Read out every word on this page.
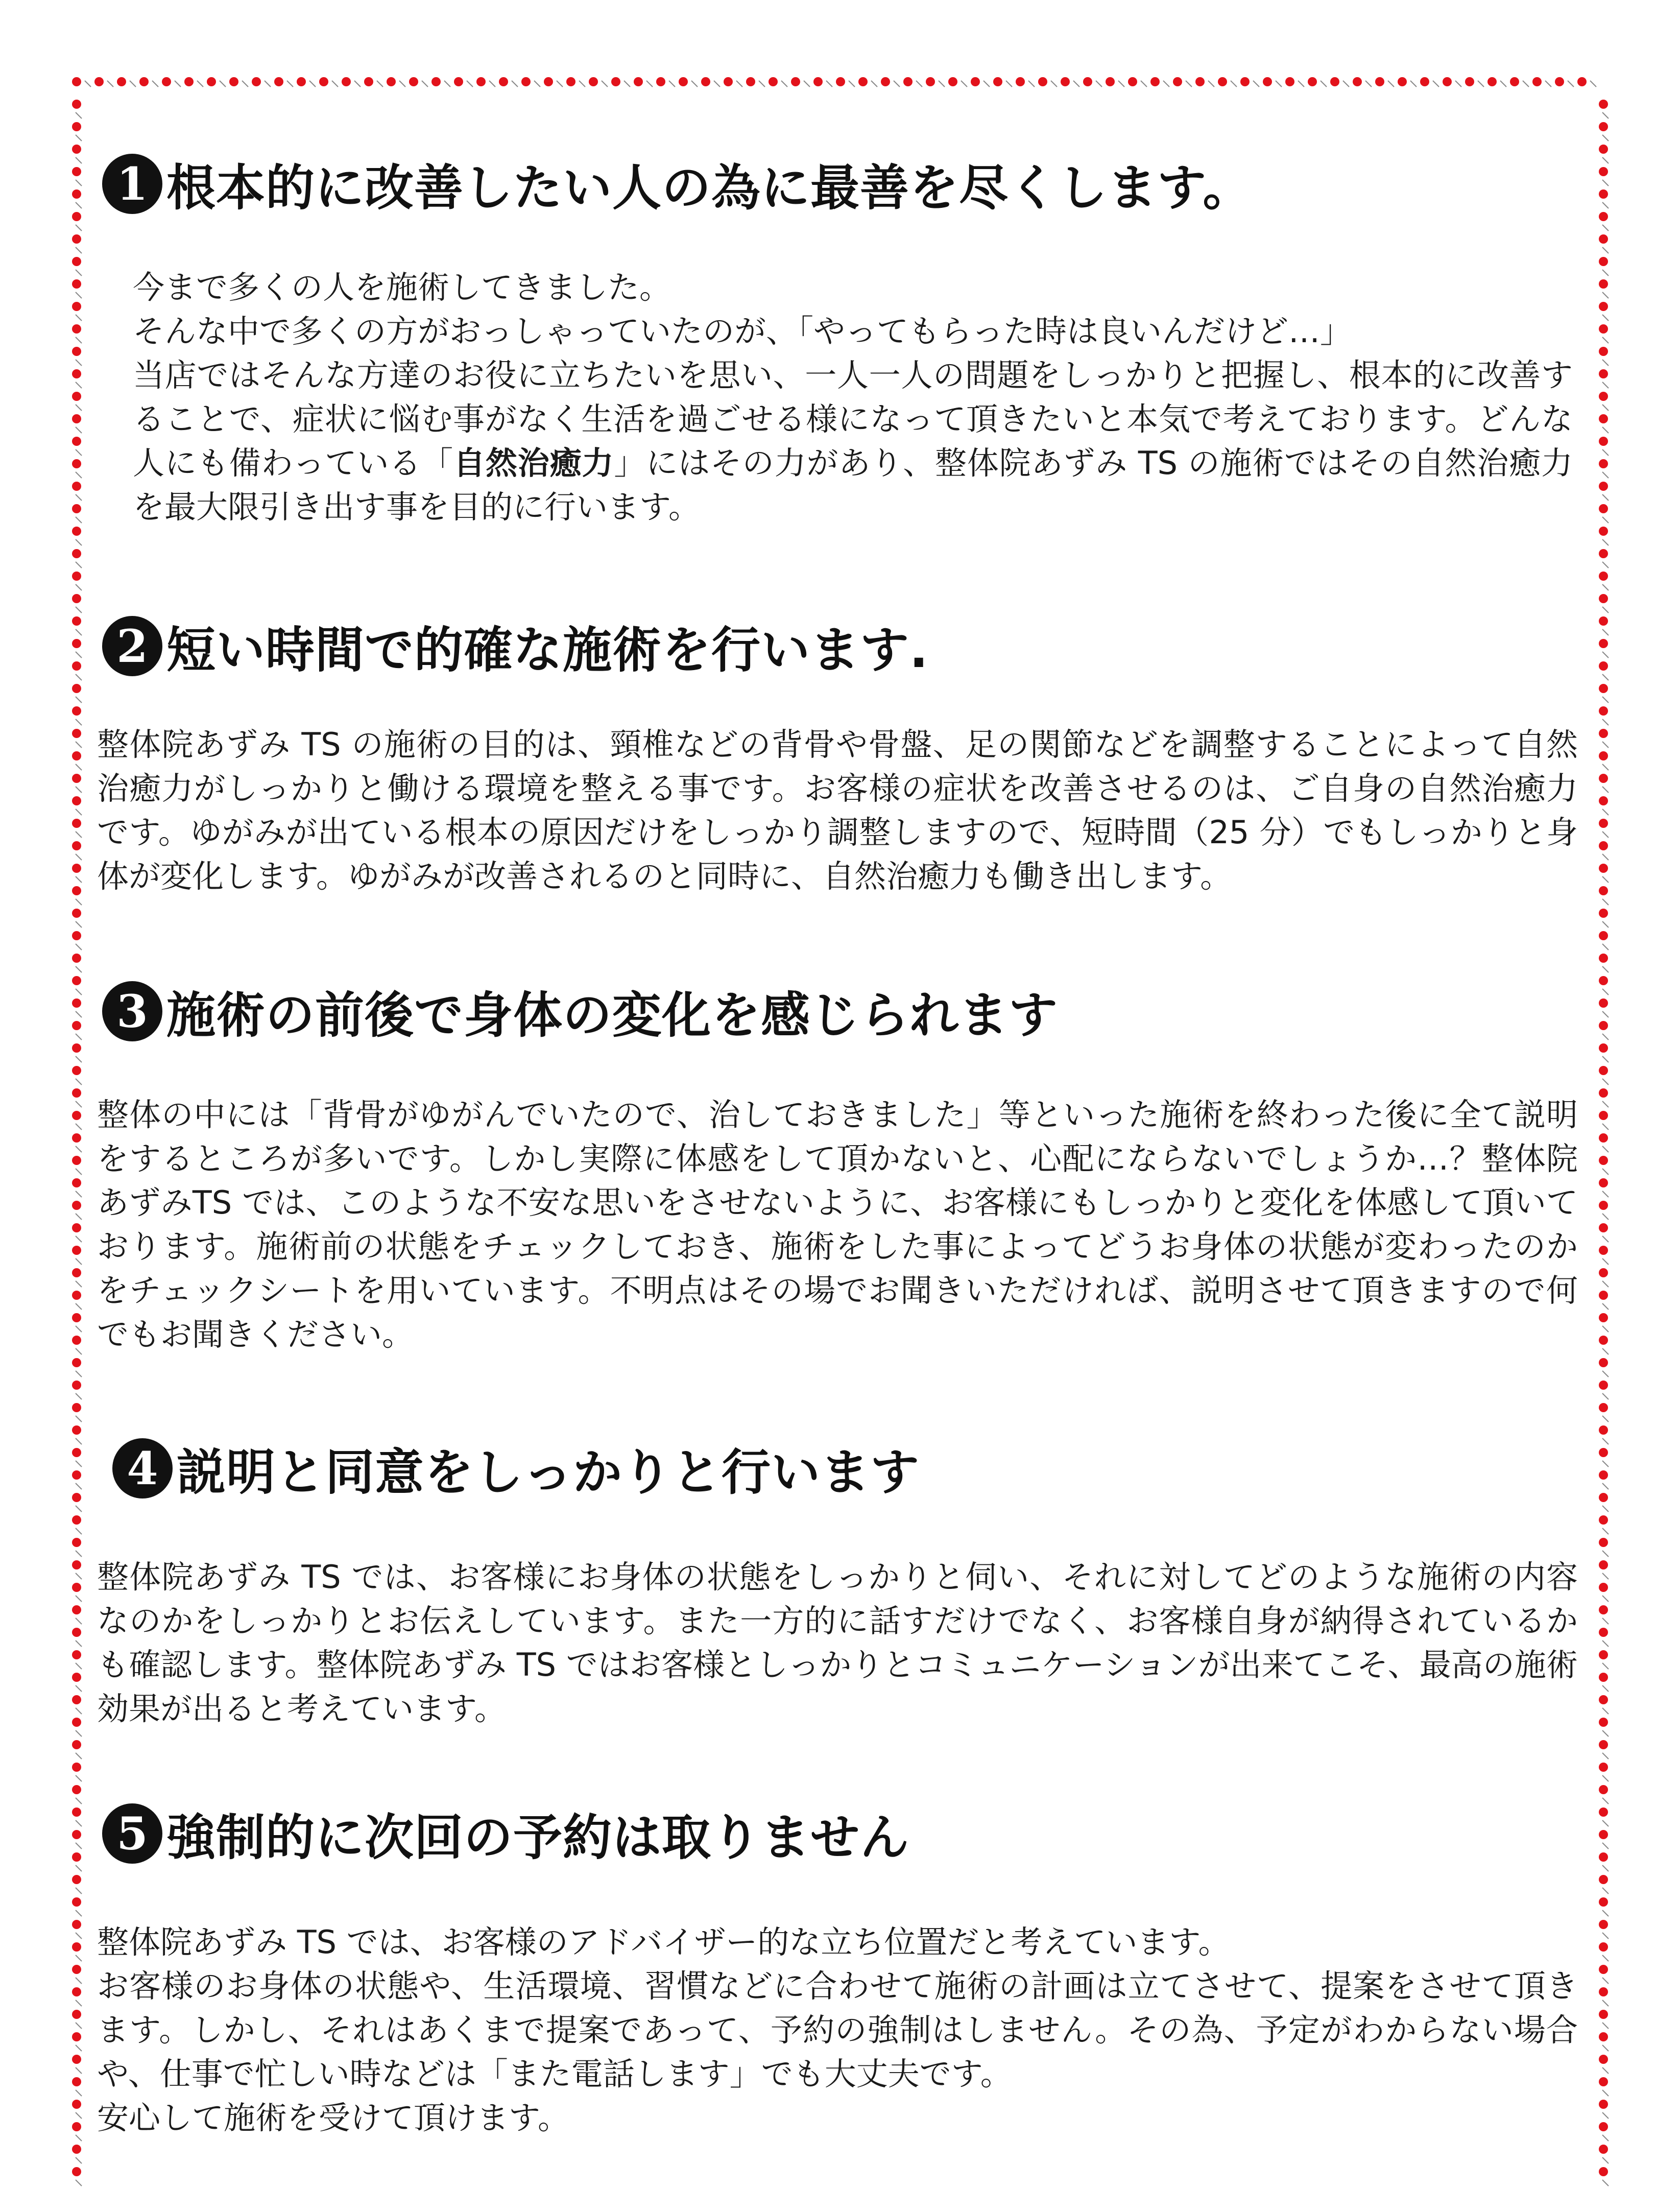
1 根本的に改善したい人の為に最善を尽くします。

今まで多くの人を施術してきました。

そんな中で多くの方がおっしゃっていたのが、「やってもらった時は良いんだけど…」

当店ではそんな方達のお役に立ちたいを思い、一人一人の問題をしっかりと把握し、根本的に改善することで、症状に悩む事がなく生活を過ごせる様になって頂きたいと本気で考えております。どんな人にも備わっている「自然治癒力」にはその力があり、整体院あずみ TS の施術ではその自然治癒力を最大限引き出す事を目的に行います。

2 短い時間で的確な施術を行います.

整体院あずみ TS の施術の目的は、頸椎などの背骨や骨盤、足の関節などを調整することによって自然治癒力がしっかりと働ける環境を整える事です。お客様の症状を改善させるのは、ご自身の自然治癒力です。ゆがみが出ている根本の原因だけをしっかり調整しますので、短時間（25 分）でもしっかりと身体が変化します。ゆがみが改善されるのと同時に、自然治癒力も働き出します。

3 施術の前後で身体の変化を感じられます

整体の中には「背骨がゆがんでいたので、治しておきました」等といった施術を終わった後に全て説明をするところが多いです。しかし実際に体感をして頂かないと、心配にならないでしょうか…？整体院あずみTS では、このような不安な思いをさせないように、お客様にもしっかりと変化を体感して頂いております。施術前の状態をチェックしておき、施術をした事によってどうお身体の状態が変わったのかをチェックシートを用いています。不明点はその場でお聞きいただければ、説明させて頂きますので何でもお聞きください。

4 説明と同意をしっかりと行います

整体院あずみ TS では、お客様にお身体の状態をしっかりと伺い、それに対してどのような施術の内容なのかをしっかりとお伝えしています。また一方的に話すだけでなく、お客様自身が納得されているかも確認します。整体院あずみ TS ではお客様としっかりとコミュニケーションが出来てこそ、最高の施術効果が出ると考えています。

5 強制的に次回の予約は取りません

整体院あずみ TS では、お客様のアドバイザー的な立ち位置だと考えています。

お客様のお身体の状態や、生活環境、習慣などに合わせて施術の計画は立てさせて、提案をさせて頂きます。しかし、それはあくまで提案であって、予約の強制はしません。その為、予定がわからない場合や、仕事で忙しい時などは「また電話します」でも大丈夫です。

安心して施術を受けて頂けます。
